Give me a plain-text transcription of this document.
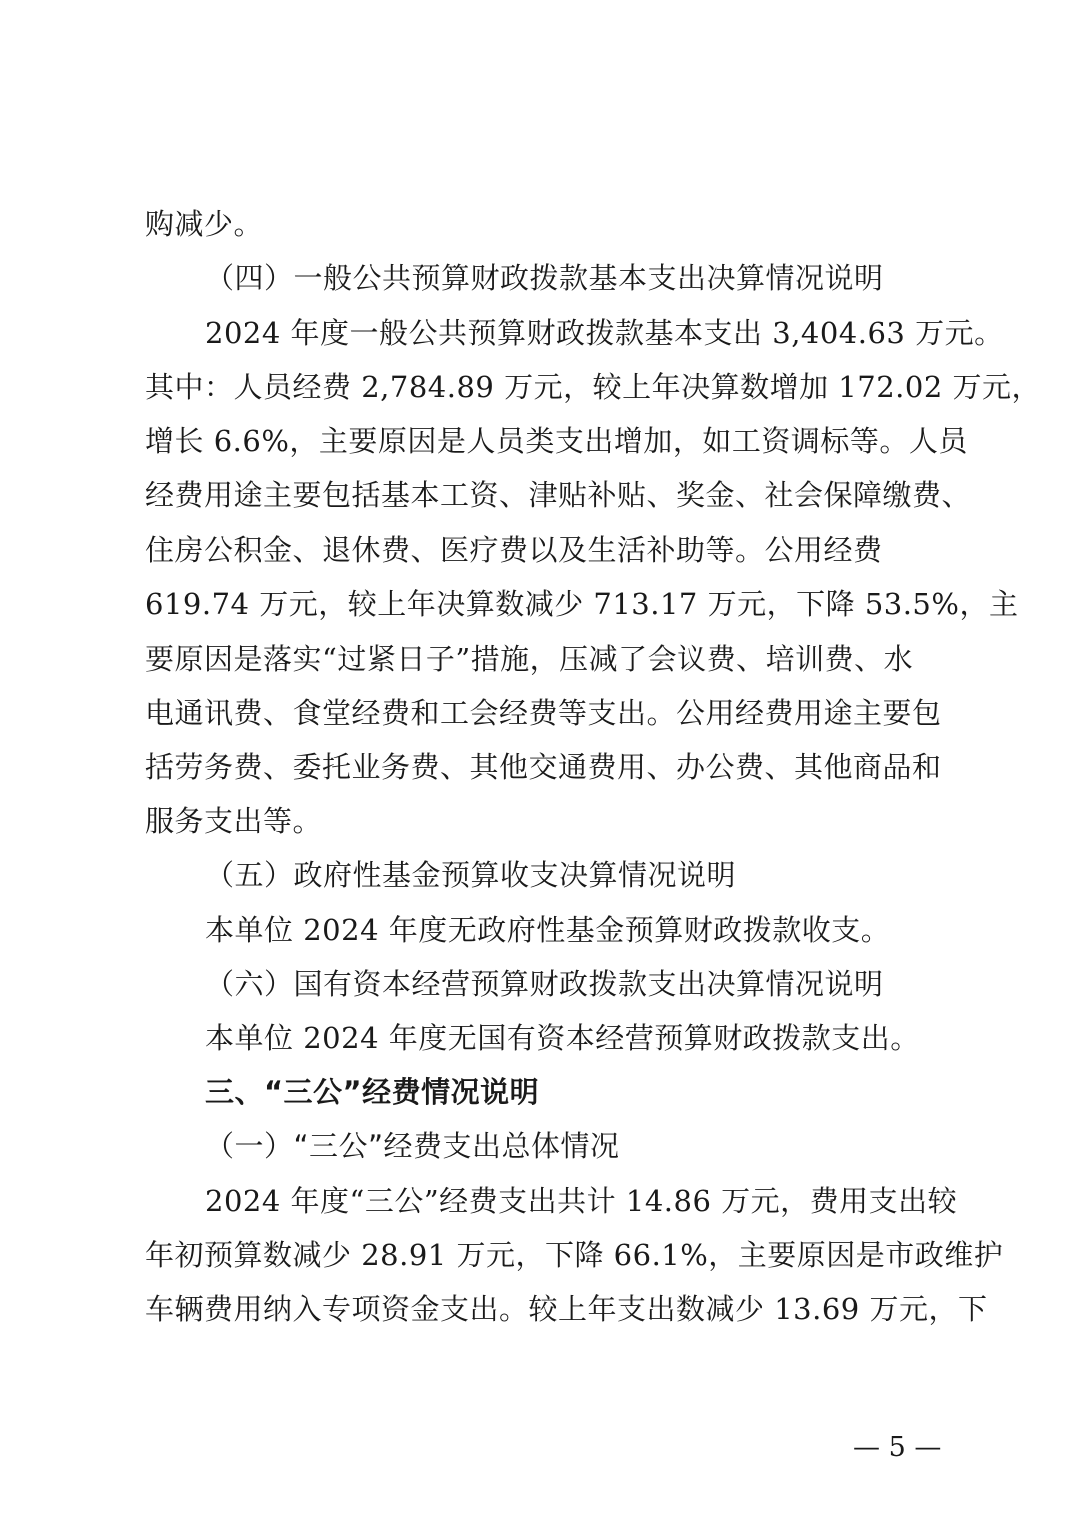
购减少。
（四）一般公共预算财政拨款基本支出决算情况说明
2024 年度一般公共预算财政拨款基本支出 3,404.63 万元。
其中：人员经费 2,784.89 万元，较上年决算数增加 172.02 万元，
增长 6.6%，主要原因是人员类支出增加，如工资调标等。人员
经费用途主要包括基本工资、津贴补贴、奖金、社会保障缴费、
住房公积金、退休费、医疗费以及生活补助等。公用经费
619.74 万元，较上年决算数减少 713.17 万元，下降 53.5%，主
要原因是落实“过紧日子”措施，压减了会议费、培训费、水
电通讯费、食堂经费和工会经费等支出。公用经费用途主要包
括劳务费、委托业务费、其他交通费用、办公费、其他商品和
服务支出等。
（五）政府性基金预算收支决算情况说明
本单位 2024 年度无政府性基金预算财政拨款收支。
（六）国有资本经营预算财政拨款支出决算情况说明
本单位 2024 年度无国有资本经营预算财政拨款支出。
三、“三公”经费情况说明
（一）“三公”经费支出总体情况
2024 年度“三公”经费支出共计 14.86 万元，费用支出较
年初预算数减少 28.91 万元，下降 66.1%，主要原因是市政维护
车辆费用纳入专项资金支出。较上年支出数减少 13.69 万元，下
— 5 —
